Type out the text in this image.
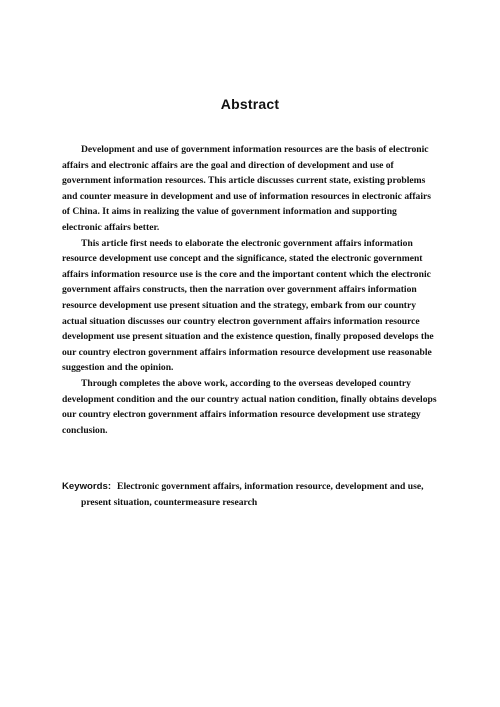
Abstract

Development and use of government information resources are the basis of electronic affairs and electronic affairs are the goal and direction of development and use of government information resources. This article discusses current state, existing problems and counter measure in development and use of information resources in electronic affairs of China. It aims in realizing the value of government information and supporting electronic affairs better.

This article first needs to elaborate the electronic government affairs information resource development use concept and the significance, stated the electronic government affairs information resource use is the core and the important content which the electronic government affairs constructs, then the narration over government affairs information resource development use present situation and the strategy, embark from our country actual situation discusses our country electron government affairs information resource development use present situation and the existence question, finally proposed develops the our country electron government affairs information resource development use reasonable suggestion and the opinion.

Through completes the above work, according to the overseas developed country development condition and the our country actual nation condition, finally obtains develops our country electron government affairs information resource development use strategy conclusion.

Keywords: Electronic government affairs, information resource, development and use, present situation, countermeasure research
